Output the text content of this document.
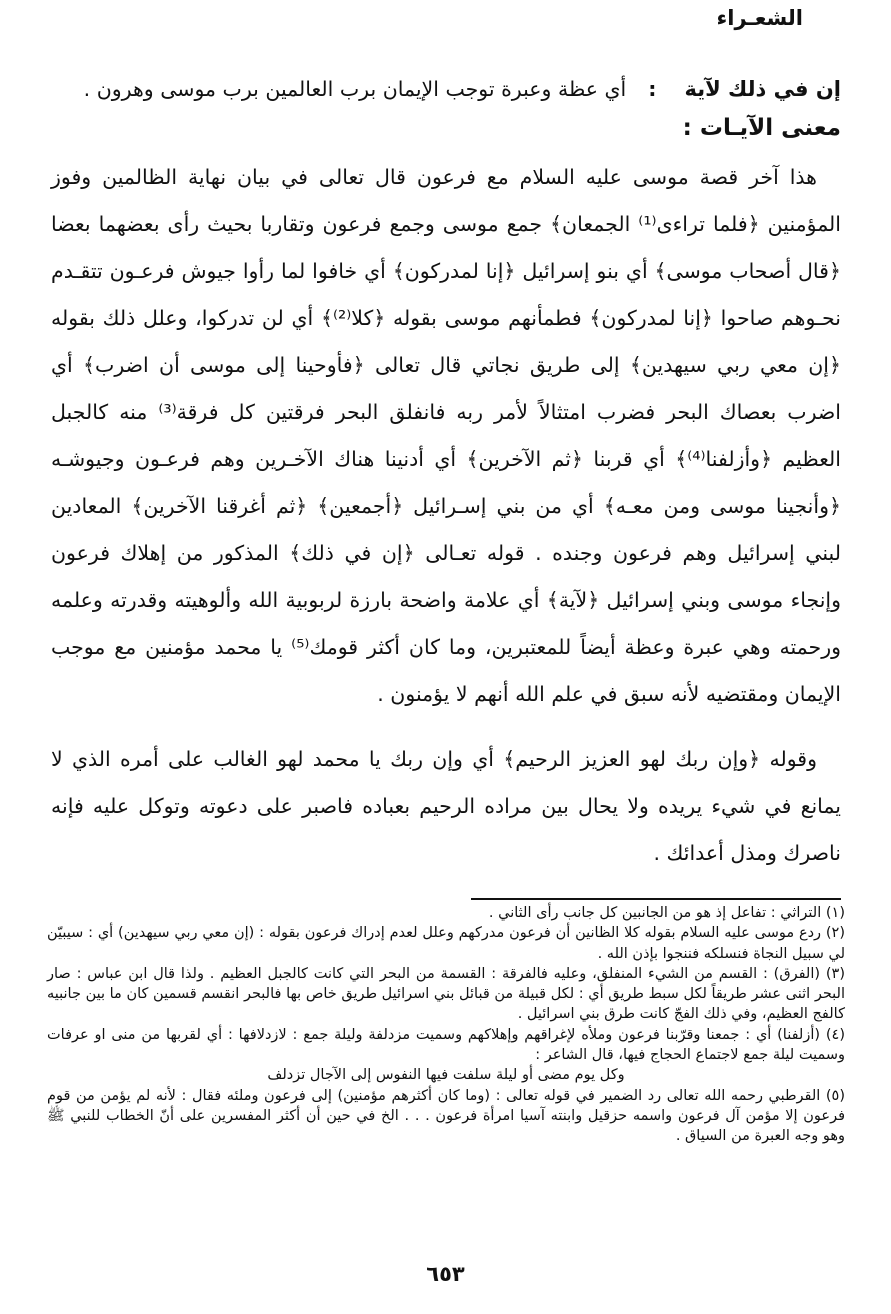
الشعـراء
إن في ذلك لآية
:
أي عظة وعبرة توجب الإيمان برب العالمين برب موسى وهرون .
معنى الآيـات :

هذا آخر قصة موسى عليه السلام مع فرعون قال تعالى في بيان نهاية الظالمين وفوز المؤمنين ﴿فلما تراءى⁽¹⁾ الجمعان﴾ جمع موسى وجمع فرعون وتقاربا بحيث رأى بعضهما بعضا ﴿قال أصحاب موسى﴾ أي بنو إسرائيل ﴿إنا لمدركون﴾ أي خافوا لما رأوا جيوش فرعـون تتقـدم نحـوهم صاحوا ﴿إنا لمدركون﴾ فطمأنهم موسى بقوله ﴿كلا⁽²⁾﴾ أي لن تدركوا، وعلل ذلك بقوله ﴿إن معي ربي سيهدين﴾ إلى طريق نجاتي قال تعالى ﴿فأوحينا إلى موسى أن اضرب﴾ أي اضرب بعصاك البحر فضرب امتثالاً لأمر ربه فانفلق البحر فرقتين كل فرقة⁽³⁾ منه كالجبل العظيم ﴿وأزلفنا⁽⁴⁾﴾ أي قربنا ﴿ثم الآخرين﴾ أي أدنينا هناك الآخـرين وهم فرعـون وجيوشـه ﴿وأنجينا موسى ومن معـه﴾ أي من بني إسـرائيل ﴿أجمعين﴾ ﴿ثم أغرقنا الآخرين﴾ المعادين لبني إسرائيل وهم فرعون وجنده . قوله تعـالى ﴿إن في ذلك﴾ المذكور من إهلاك فرعون وإنجاء موسى وبني إسرائيل ﴿لآية﴾ أي علامة واضحة بارزة لربوبية الله وألوهيته وقدرته وعلمه ورحمته وهي عبرة وعظة أيضاً للمعتبرين، وما كان أكثر قومك⁽⁵⁾ يا محمد مؤمنين مع موجب الإيمان ومقتضيه لأنه سبق في علم الله أنهم لا يؤمنون .

وقوله ﴿وإن ربك لهو العزيز الرحيم﴾ أي وإن ربك يا محمد لهو الغالب على أمره الذي لا يمانع في شيء يريده ولا يحال بين مراده الرحيم بعباده فاصبر على دعوته وتوكل عليه فإنه ناصرك ومذل أعدائك .

(١) التراثي : تفاعل إذ هو من الجانبين كل جانب رأى الثاني .

(٢) ردع موسى عليه السلام بقوله كلا الظانين أن فرعون مدركهم وعلل لعدم إدراك فرعون بقوله : (إن معي ربي سيهدين) أي : سيبيّن لي سبيل النجاة فنسلكه فننجوا بإذن الله .

(٣) (الفرق) : القسم من الشيء المنفلق، وعليه فالفرقة : القسمة من البحر التي كانت كالجبل العظيم . ولذا قال ابن عباس : صار البحر اثنى عشر طريقاً لكل سبط طريق أي : لكل قبيلة من قبائل بني اسرائيل طريق خاص بها فالبحر انقسم قسمين كان ما بين جانبيه كالفج العظيم، وفي ذلك الفجّ كانت طرق بني اسرائيل .

(٤) (أزلفنا) أي : جمعنا وقرّبنا فرعون وملأه لإغراقهم وإهلاكهم وسميت مزدلفة وليلة جمع : لازدلافها : أي لقربها من منى او عرفات وسميت ليلة جمع لاجتماع الحجاج فيها، قال الشاعر :

وكل يوم مضى أو ليلة سلفت فيها النفوس إلى الآجال تزدلف

(٥) القرطبي رحمه الله تعالى رد الضمير في قوله تعالى : (وما كان أكثرهم مؤمنين) إلى فرعون وملئه فقال : لأنه لم يؤمن من قوم فرعون إلا مؤمن آل فرعون واسمه حزقيل وابنته آسيا امرأة فرعون . . . الخ في حين أن أكثر المفسرين على أنّ الخطاب للنبي ﷺ وهو وجه العبرة من السياق .

٦٥٣
